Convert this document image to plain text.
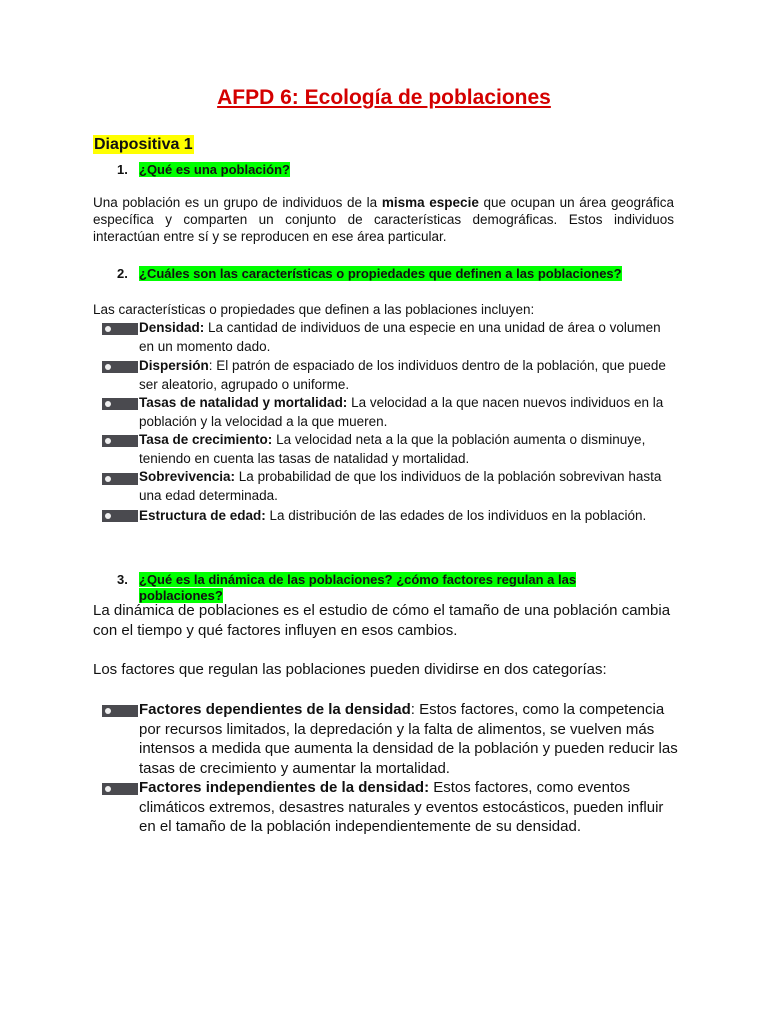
AFPD 6: Ecología de poblaciones
Diapositiva 1
1. ¿Qué es una población?
Una población es un grupo de individuos de la misma especie que ocupan un área geográfica específica y comparten un conjunto de características demográficas. Estos individuos interactúan entre sí y se reproducen en ese área particular.
2. ¿Cuáles son las características o propiedades que definen a las poblaciones?
Las características o propiedades que definen a las poblaciones incluyen:
Densidad: La cantidad de individuos de una especie en una unidad de área o volumen en un momento dado.
Dispersión: El patrón de espaciado de los individuos dentro de la población, que puede ser aleatorio, agrupado o uniforme.
Tasas de natalidad y mortalidad: La velocidad a la que nacen nuevos individuos en la población y la velocidad a la que mueren.
Tasa de crecimiento: La velocidad neta a la que la población aumenta o disminuye, teniendo en cuenta las tasas de natalidad y mortalidad.
Sobrevivencia: La probabilidad de que los individuos de la población sobrevivan hasta una edad determinada.
Estructura de edad: La distribución de las edades de los individuos en la población.
3. ¿Qué es la dinámica de las poblaciones? ¿cómo factores regulan a las
poblaciones?
La dinámica de poblaciones es el estudio de cómo el tamaño de una población cambia con el tiempo y qué factores influyen en esos cambios.
Los factores que regulan las poblaciones pueden dividirse en dos categorías:
Factores dependientes de la densidad: Estos factores, como la competencia por recursos limitados, la depredación y la falta de alimentos, se vuelven más intensos a medida que aumenta la densidad de la población y pueden reducir las tasas de crecimiento y aumentar la mortalidad.
Factores independientes de la densidad: Estos factores, como eventos climáticos extremos, desastres naturales y eventos estocásticos, pueden influir en el tamaño de la población independientemente de su densidad.
